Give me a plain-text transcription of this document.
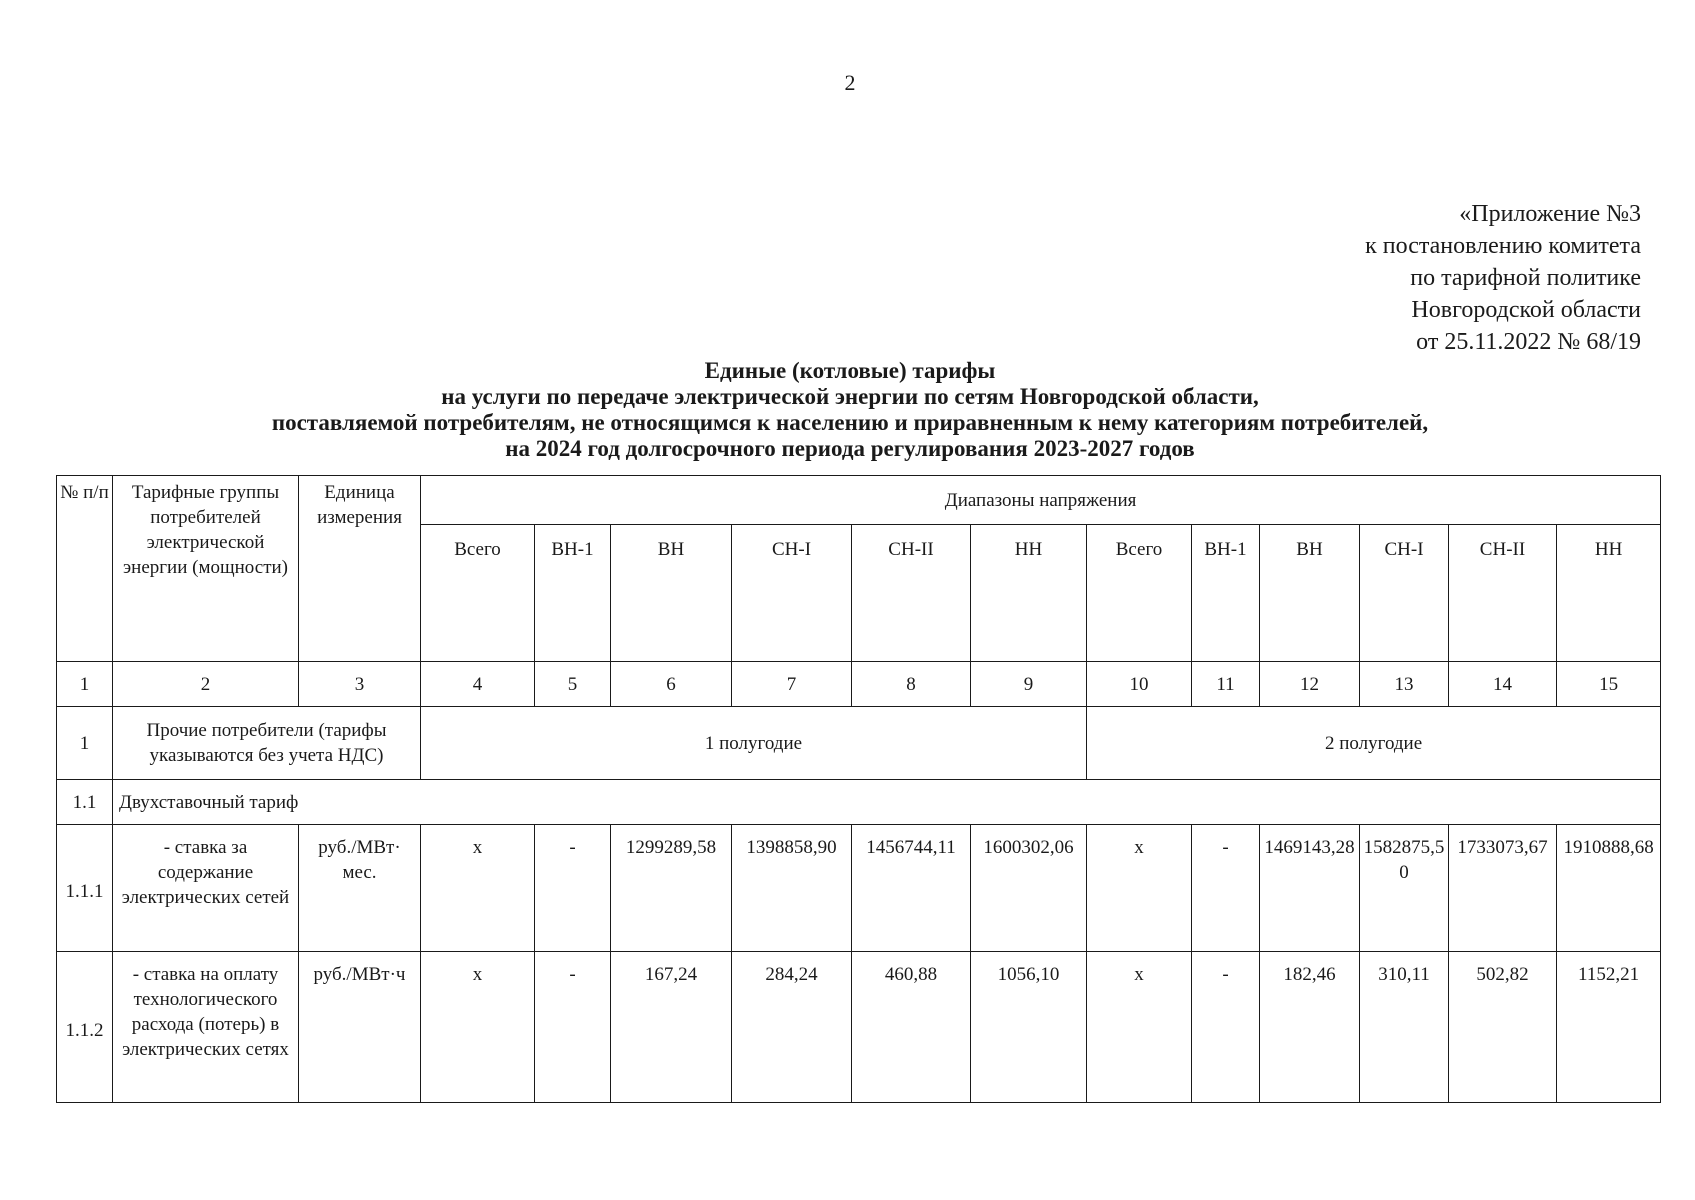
2
«Приложение №3
к постановлению комитета
по тарифной политике
Новгородской области
от 25.11.2022 № 68/19
Единые (котловые) тарифы
на услуги по передаче электрической энергии по сетям Новгородской области,
поставляемой потребителям, не относящимся к населению и приравненным к нему категориям потребителей,
на 2024 год долгосрочного периода регулирования 2023-2027 годов
№ п/п	Тарифные группы потребителей электрической энергии (мощности)	Единица измерения	Диапазоны напряжения											
			Всего	ВН-1	ВН	СН-I	СН-II	НН	Всего	ВН-1	ВН	СН-I	СН-II	НН
1	2	3	4	5	6	7	8	9	10	11	12	13	14	15
1	Прочие потребители (тарифы указываются без учета НДС)		1 полугодие						2 полугодие					
1.1	Двухставочный тариф													
1.1.1	- ставка за содержание электрических сетей	руб./МВт· мес.	х	-	1299289,58	1398858,90	1456744,11	1600302,06	х	-	1469143,28	1582875,50	1733073,67	1910888,68
1.1.2	- ставка на оплату технологического расхода (потерь) в электрических сетях	руб./МВт·ч	х	-	167,24	284,24	460,88	1056,10	х	-	182,46	310,11	502,82	1152,21
